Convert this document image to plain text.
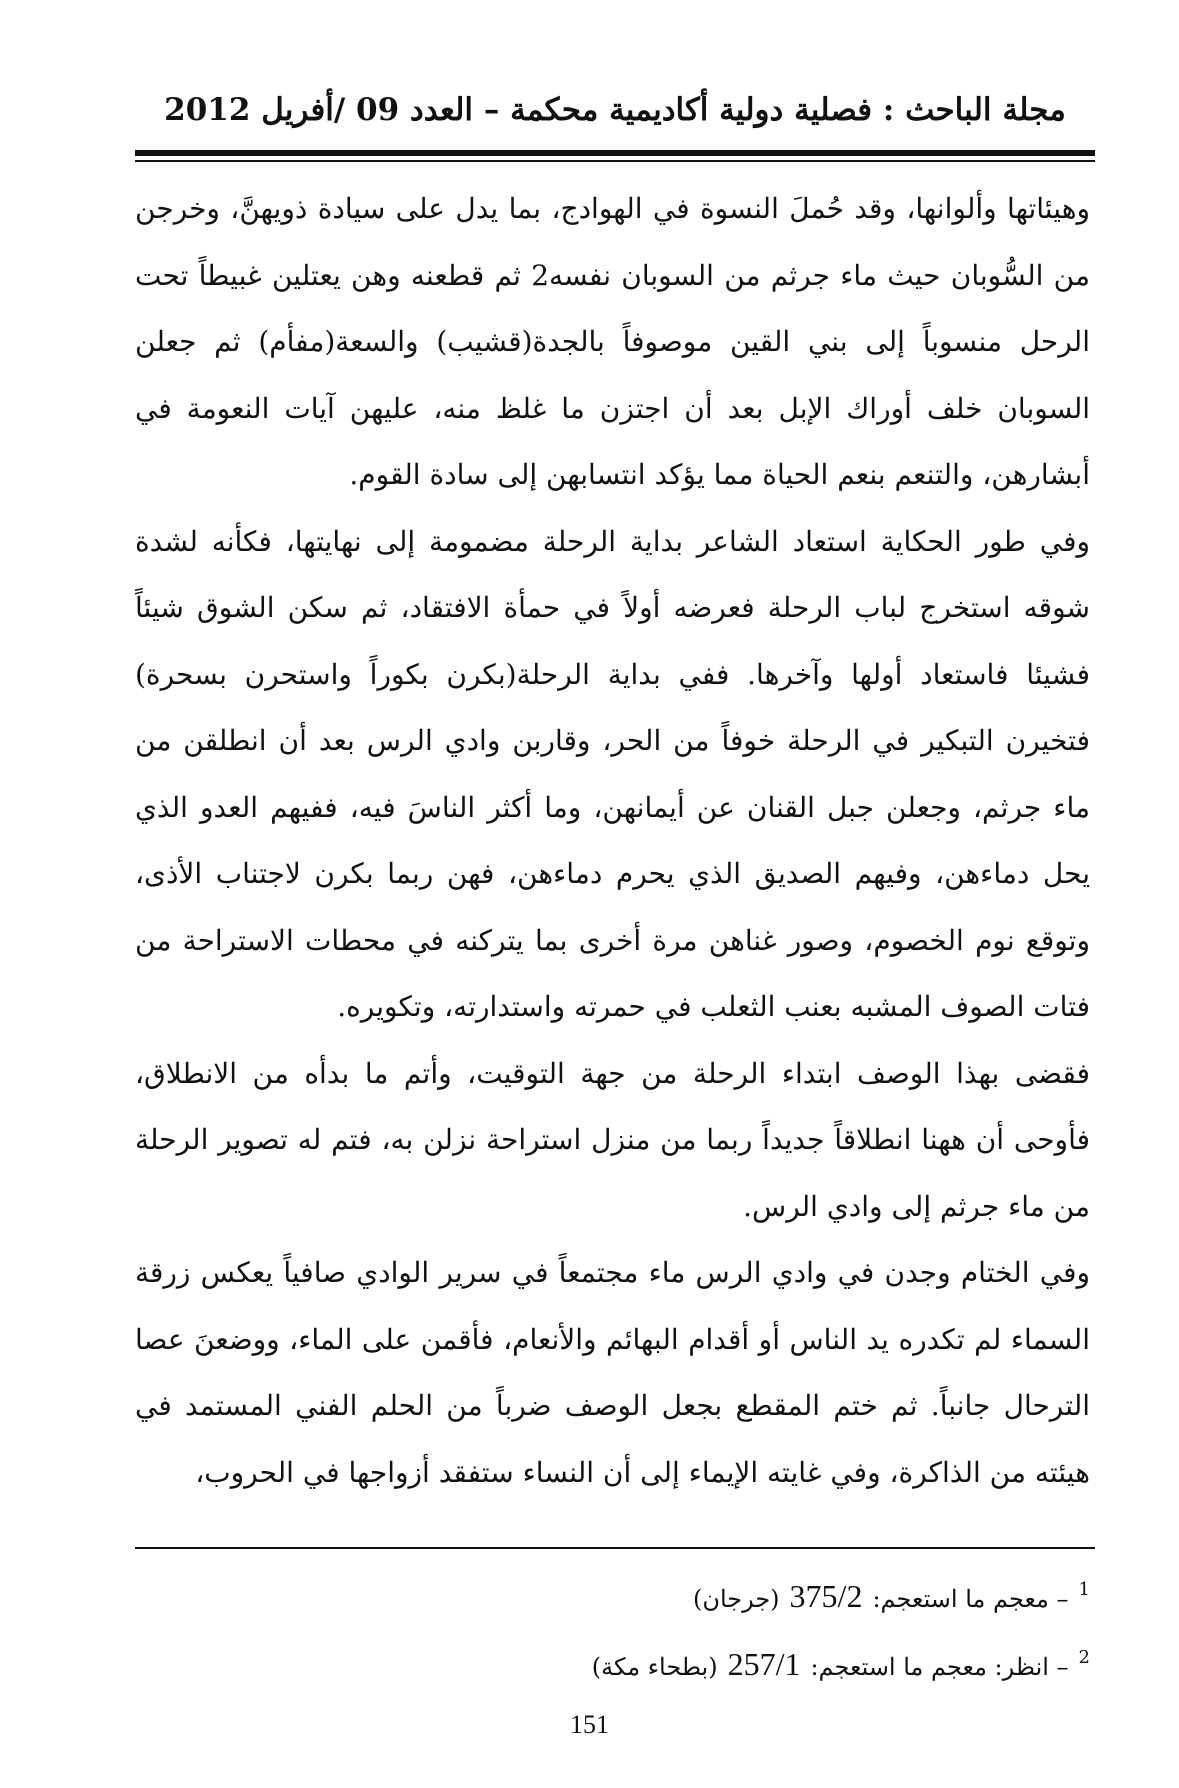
مجلة الباحث : فصلية دولية أكاديمية محكمة – العدد 09 /أفريل 2012

وهيئاتها وألوانها، وقد حُملَ النسوة في الهوادج، بما يدل على سيادة ذويهنَّ، وخرجن من السُّوبان حيث ماء جرثم من السوبان نفسه2 ثم قطعنه وهن يعتلين غبيطاً تحت الرحل منسوباً إلى بني القين موصوفاً بالجدة(قشيب) والسعة(مفأم) ثم جعلن السوبان خلف أوراك الإبل بعد أن اجتزن ما غلظ منه، عليهن آيات النعومة في أبشارهن، والتنعم بنعم الحياة مما يؤكد انتسابهن إلى سادة القوم.

وفي طور الحكاية استعاد الشاعر بداية الرحلة مضمومة إلى نهايتها، فكأنه لشدة شوقه استخرج لباب الرحلة فعرضه أولاً في حمأة الافتقاد، ثم سكن الشوق شيئاً فشيئا فاستعاد أولها وآخرها. ففي بداية الرحلة(بكرن بكوراً واستحرن بسحرة) فتخيرن التبكير في الرحلة خوفاً من الحر، وقاربن وادي الرس بعد أن انطلقن من ماء جرثم، وجعلن جبل القنان عن أيمانهن، وما أكثر الناسَ فيه، ففيهم العدو الذي يحل دماءهن، وفيهم الصديق الذي يحرم دماءهن، فهن ربما بكرن لاجتناب الأذى، وتوقع نوم الخصوم، وصور غناهن مرة أخرى بما يتركنه في محطات الاستراحة من فتات الصوف المشبه بعنب الثعلب في حمرته واستدارته، وتكويره.

فقضى بهذا الوصف ابتداء الرحلة من جهة التوقيت، وأتم ما بدأه من الانطلاق، فأوحى أن ههنا انطلاقاً جديداً ربما من منزل استراحة نزلن به، فتم له تصوير الرحلة من ماء جرثم إلى وادي الرس.

وفي الختام وجدن في وادي الرس ماء مجتمعاً في سرير الوادي صافياً يعكس زرقة السماء لم تكدره يد الناس أو أقدام البهائم والأنعام، فأقمن على الماء، ووضعنَ عصا الترحال جانباً. ثم ختم المقطع بجعل الوصف ضرباً من الحلم الفني المستمد في هيئته من الذاكرة، وفي غايته الإيماء إلى أن النساء ستفقد أزواجها في الحروب،

1
– معجم ما استعجم:
375/2
(جرجان)
2
– انظر: معجم ما استعجم:
257/1
(بطحاء مكة)
151
